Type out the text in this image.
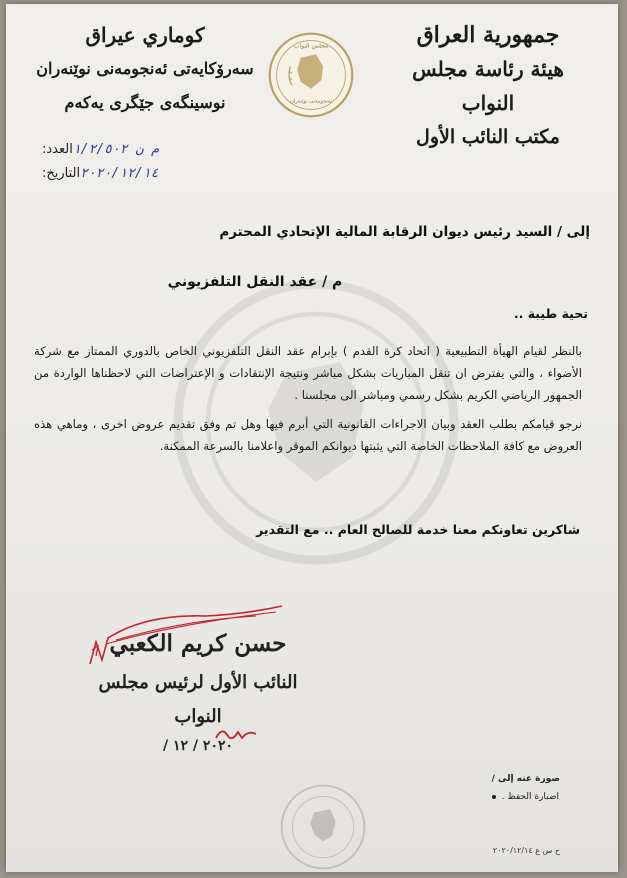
جمهورية العراق
هيئة رئاسة مجلس النواب
مكتب النائب الأول
مجلس النواب
ئەنجومەنی نوێنەران
كوماري عيراق
سەرۆکایەتی ئەنجومەنی نوێنەران
نوسینگەی جێگری یەکەم
العدد: م ن ١/٢/٥٠٢
التاريخ: ٢٠٢٠/١٢/١٤
إلى / السيد رئيس ديوان الرقابة المالية الإتحادي المحترم
م / عقد النقل التلفزيوني
تحية طيبة ..

بالنظر لقيام الهيأة التطبيعية ( اتحاد كرة القدم ) بإبرام عقد النقل التلفزيوني الخاص بالدوري الممتاز مع شركة الأضواء ، والتي يفترض ان تنقل المباريات بشكل مباشر ونتيجة الإنتقادات و الإعتراضات التي لاحظناها الواردة من الجمهور الرياضي الكريم بشكل رسمي ومباشر الى مجلسنا .

نرجو قيامكم بطلب العقد وبيان الاجراءات القانونية التي أبرم فيها وهل تم وفق تقديم عروض اخرى ، وماهي هذه العروض مع كافة الملاحظات الخاصة التي يثبتها ديوانكم الموقر واعلامنا بالسرعة الممكنة.

شاكرين تعاونكم معنا خدمة للصالح العام .. مع التقدير
حسن كريم الكعبي
النائب الأول لرئيس مجلس النواب
٢٠٢٠ / ١٢ /
صورة عنه إلى /
اضبارة الحفظ .
ح س ع ٢٠٢٠/١٢/١٤
